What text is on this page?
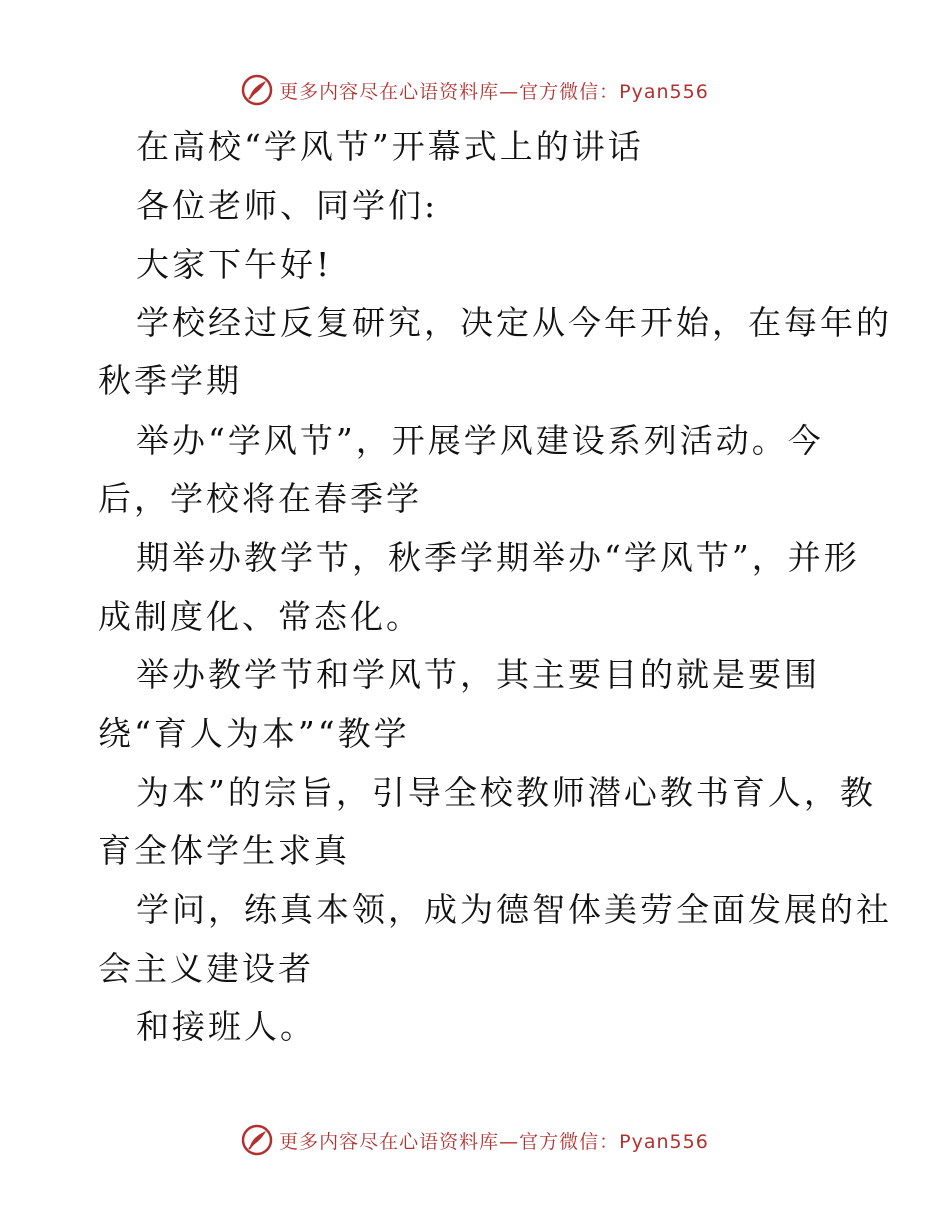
更多内容尽在心语资料库—官方微信：Pyan556
在高校“学风节”开幕式上的讲话
各位老师、同学们:
大家下午好!
学校经过反复研究，决定从今年开始，在每年的
秋季学期
举办“学风节”，开展学风建设系列活动。今
后，学校将在春季学
期举办教学节，秋季学期举办“学风节”，并形
成制度化、常态化。
举办教学节和学风节，其主要目的就是要围
绕“育人为本”“教学
为本”的宗旨，引导全校教师潜心教书育人，教
育全体学生求真
学问，练真本领，成为德智体美劳全面发展的社
会主义建设者
和接班人。
更多内容尽在心语资料库—官方微信：Pyan556
